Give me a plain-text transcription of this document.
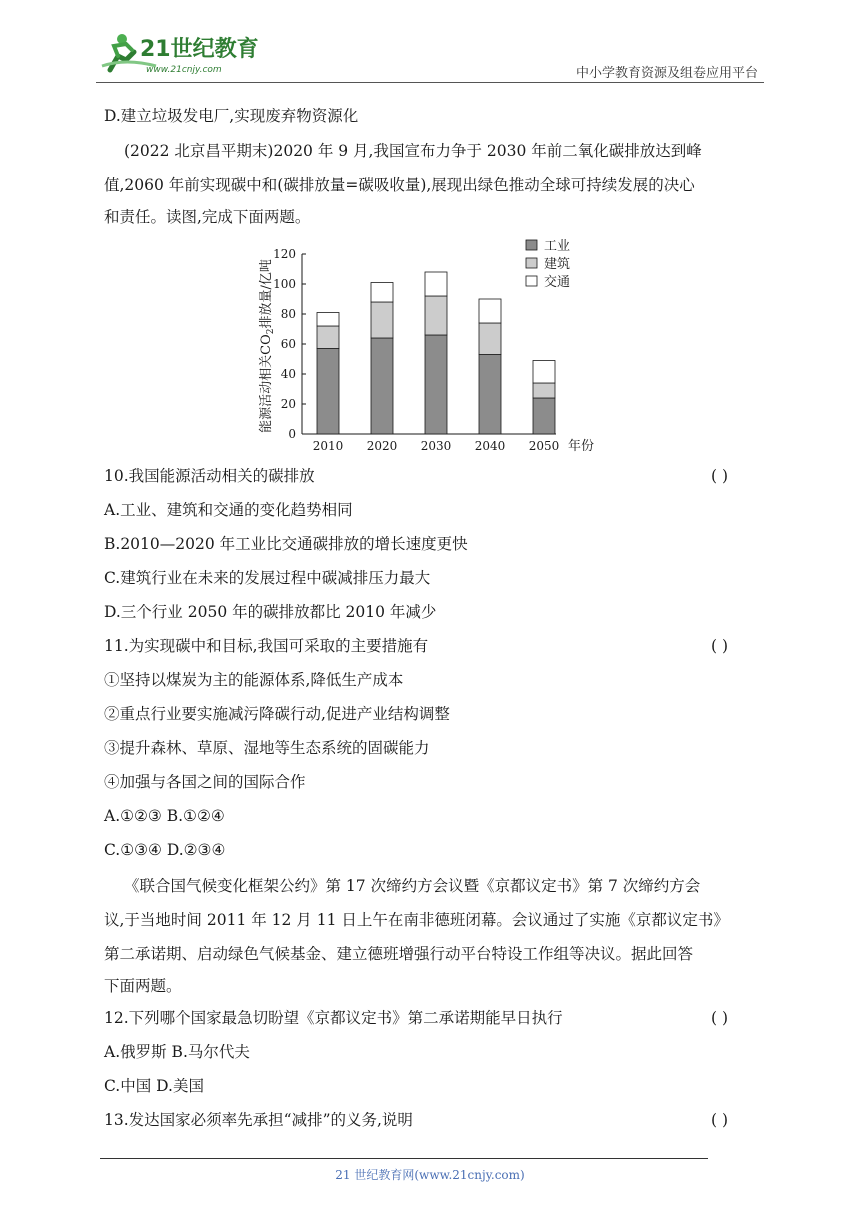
21世纪教育
www.21cnjy.com	中小学教育资源及组卷应用平台
D.建立垃圾发电厂,实现废弃物资源化
(2022 北京昌平期末)2020 年 9 月,我国宣布力争于 2030 年前二氧化碳排放达到峰
值,2060 年前实现碳中和(碳排放量=碳吸收量),展现出绿色推动全球可持续发展的决心
和责任。读图,完成下面两题。
能源活动相关$CO_2$排放量/亿吨
年份
0
20
40
60
80
100
120
2010 2020 2030 2040 2050
工业
建筑
交通
10.我国能源活动相关的碳排放	( )
A.工业、建筑和交通的变化趋势相同
B.2010—2020 年工业比交通碳排放的增长速度更快
C.建筑行业在未来的发展过程中碳减排压力最大
D.三个行业 2050 年的碳排放都比 2010 年减少
11.为实现碳中和目标,我国可采取的主要措施有	( )
①坚持以煤炭为主的能源体系,降低生产成本
②重点行业要实施减污降碳行动,促进产业结构调整
③提升森林、草原、湿地等生态系统的固碳能力
④加强与各国之间的国际合作
A.①②③ B.①②④
C.①③④ D.②③④
《联合国气候变化框架公约》第 17 次缔约方会议暨《京都议定书》第 7 次缔约方会
议,于当地时间 2011 年 12 月 11 日上午在南非德班闭幕。会议通过了实施《京都议定书》
第二承诺期、启动绿色气候基金、建立德班增强行动平台特设工作组等决议。据此回答
下面两题。
12.下列哪个国家最急切盼望《京都议定书》第二承诺期能早日执行	( )
A.俄罗斯 B.马尔代夫
C.中国 D.美国
13.发达国家必须率先承担“减排”的义务,说明	( )
21 世纪教育网(www.21cnjy.com)
